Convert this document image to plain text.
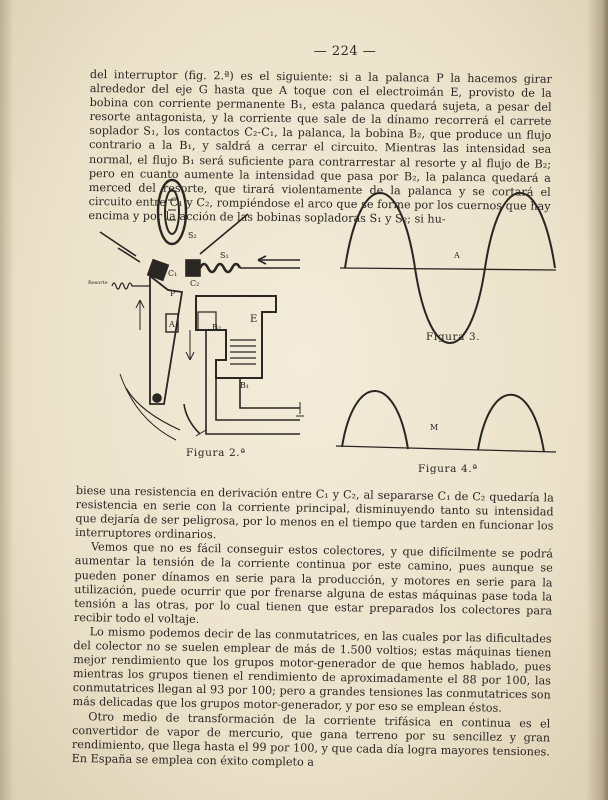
— 224 —

del interruptor (fig. 2.ª) es el siguiente: si a la palanca P la hacemos girar alrededor del eje G hasta que A toque con el electroimán E, provisto de la bobina con corriente permanente B₁, esta palanca quedará sujeta, a pesar del resorte antagonista, y la corriente que sale de la dínamo recorrerá el carrete soplador S₁, los contactos C₂-C₁, la palanca, la bobina B₂, que produce un flujo contrario a la B₁, y saldrá a cerrar el circuito. Mientras las intensidad sea normal, el flujo B₁ será suficiente para contrarrestar al resorte y al flujo de B₂; pero en cuanto aumente la intensidad que pasa por B₂, la palanca quedará a merced del resorte, que tirará violentamente de la palanca y se cortará el circuito entre C₁ y C₂, rompiéndose el arco que se forme por los cuernos que hay encima y por la acción de las bobinas sopladoras S₁ y S₂; si hu-

S₂
S₁
C₁
C₂
P
A	B₂
E
B₁
Resorte
Figura 2.ª
A
Figura 3.
M
Figura 4.ª

biese una resistencia en derivación entre C₁ y C₂, al separarse C₁ de C₂ quedaría la resistencia en serie con la corriente principal, disminuyendo tanto su intensidad que dejaría de ser peligrosa, por lo menos en el tiempo que tarden en funcionar los interruptores ordinarios.

Vemos que no es fácil conseguir estos colectores, y que difícilmente se podrá aumentar la tensión de la corriente continua por este camino, pues aunque se pueden poner dínamos en serie para la producción, y motores en serie para la utilización, puede ocurrir que por frenarse alguna de estas máquinas pase toda la tensión a las otras, por lo cual tienen que estar preparados los colectores para recibir todo el voltaje.

Lo mismo podemos decir de las conmutatrices, en las cuales por las dificultades del colector no se suelen emplear de más de 1.500 voltios; estas máquinas tienen mejor rendimiento que los grupos motor-generador de que hemos hablado, pues mientras los grupos tienen el rendimiento de aproximadamente el 88 por 100, las conmutatrices llegan al 93 por 100; pero a grandes tensiones las conmutatrices son más delicadas que los grupos motor-generador, y por eso se emplean éstos.

Otro medio de transformación de la corriente trifásica en continua es el convertidor de vapor de mercurio, que gana terreno por su sencillez y gran rendimiento, que llega hasta el 99 por 100, y que cada día logra mayores tensiones. En España se emplea con éxito completo a
